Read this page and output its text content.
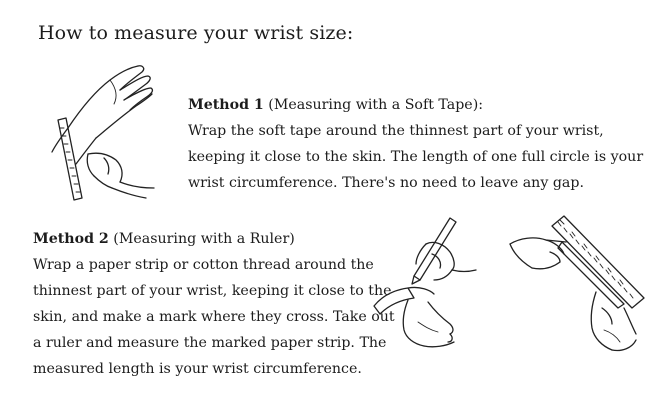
How to measure your wrist size:
Method 1 (Measuring with a Soft Tape):
Wrap the soft tape around the thinnest part of your wrist,
keeping it close to the skin. The length of one full circle is your
wrist circumference. There's no need to leave any gap.
Method 2 (Measuring with a Ruler)
Wrap a paper strip or cotton thread around the
thinnest part of your wrist, keeping it close to the
skin, and make a mark where they cross. Take out
a ruler and measure the marked paper strip. The
measured length is your wrist circumference.
